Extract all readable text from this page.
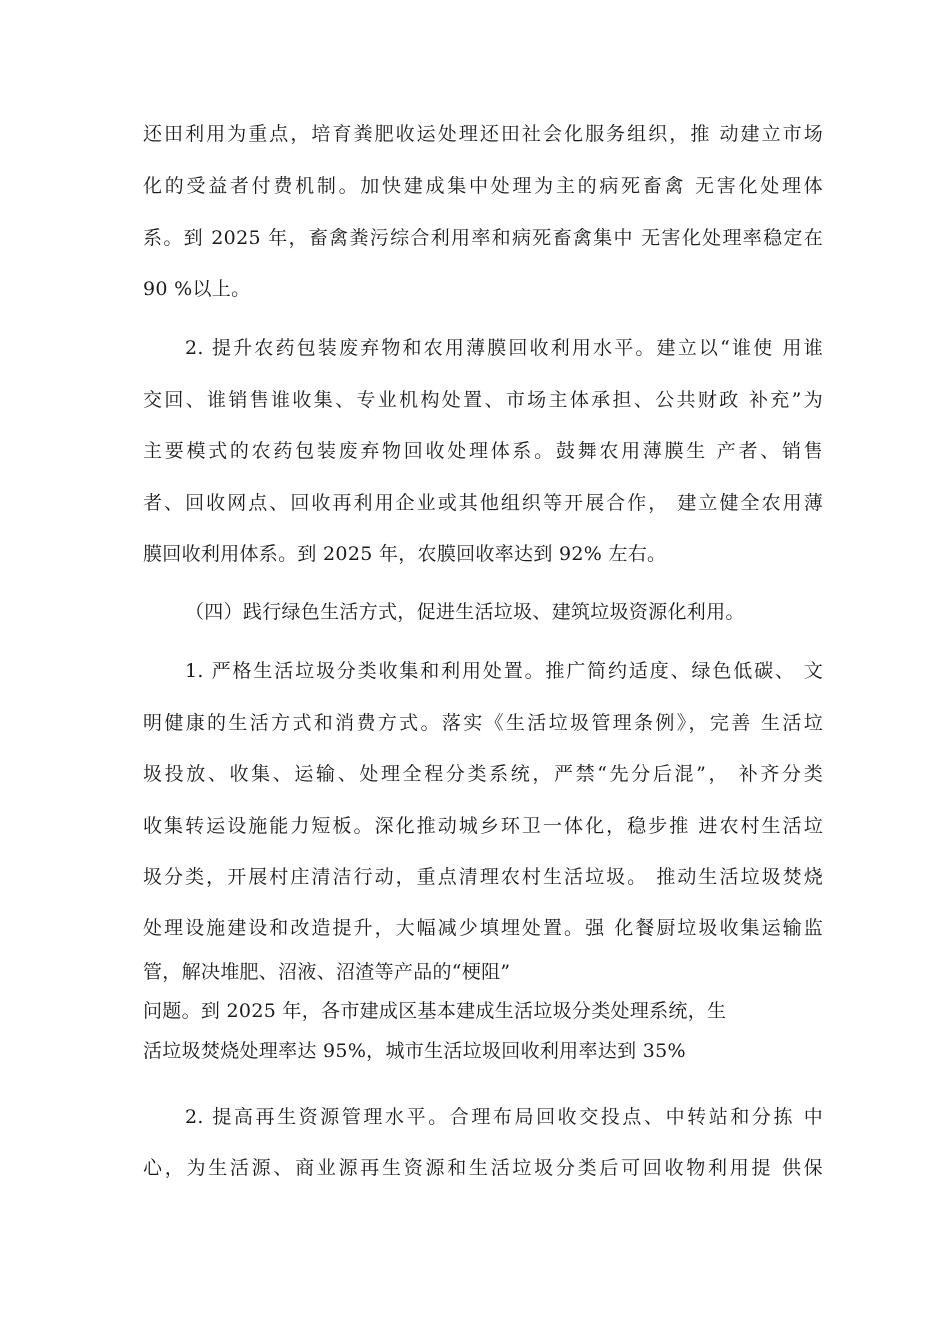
还田利用为重点，培育粪肥收运处理还田社会化服务组织，推 动建立市场
化的受益者付费机制。加快建成集中处理为主的病死畜禽 无害化处理体
系。到 2025 年，畜禽粪污综合利用率和病死畜禽集中 无害化处理率稳定在
90 %以上。
2. 提升农药包装废弃物和农用薄膜回收利用水平。建立以“谁使 用谁
交回、谁销售谁收集、专业机构处置、市场主体承担、公共财政 补充”为
主要模式的农药包装废弃物回收处理体系。鼓舞农用薄膜生 产者、销售
者、回收网点、回收再利用企业或其他组织等开展合作， 建立健全农用薄
膜回收利用体系。到 2025 年，农膜回收率达到 92% 左右。
（四）践行绿色生活方式，促进生活垃圾、建筑垃圾资源化利用。
1. 严格生活垃圾分类收集和利用处置。推广简约适度、绿色低碳、 文
明健康的生活方式和消费方式。落实《生活垃圾管理条例》，完善 生活垃
圾投放、收集、运输、处理全程分类系统，严禁“先分后混”， 补齐分类
收集转运设施能力短板。深化推动城乡环卫一体化，稳步推 进农村生活垃
圾分类，开展村庄清洁行动，重点清理农村生活垃圾。 推动生活垃圾焚烧
处理设施建设和改造提升，大幅减少填埋处置。强 化餐厨垃圾收集运输监
管，解决堆肥、沼液、沼渣等产品的“梗阻”
问题。到 2025 年，各市建成区基本建成生活垃圾分类处理系统，生
活垃圾焚烧处理率达 95%，城市生活垃圾回收利用率达到 35%
2. 提高再生资源管理水平。合理布局回收交投点、中转站和分拣 中
心，为生活源、商业源再生资源和生活垃圾分类后可回收物利用提 供保
